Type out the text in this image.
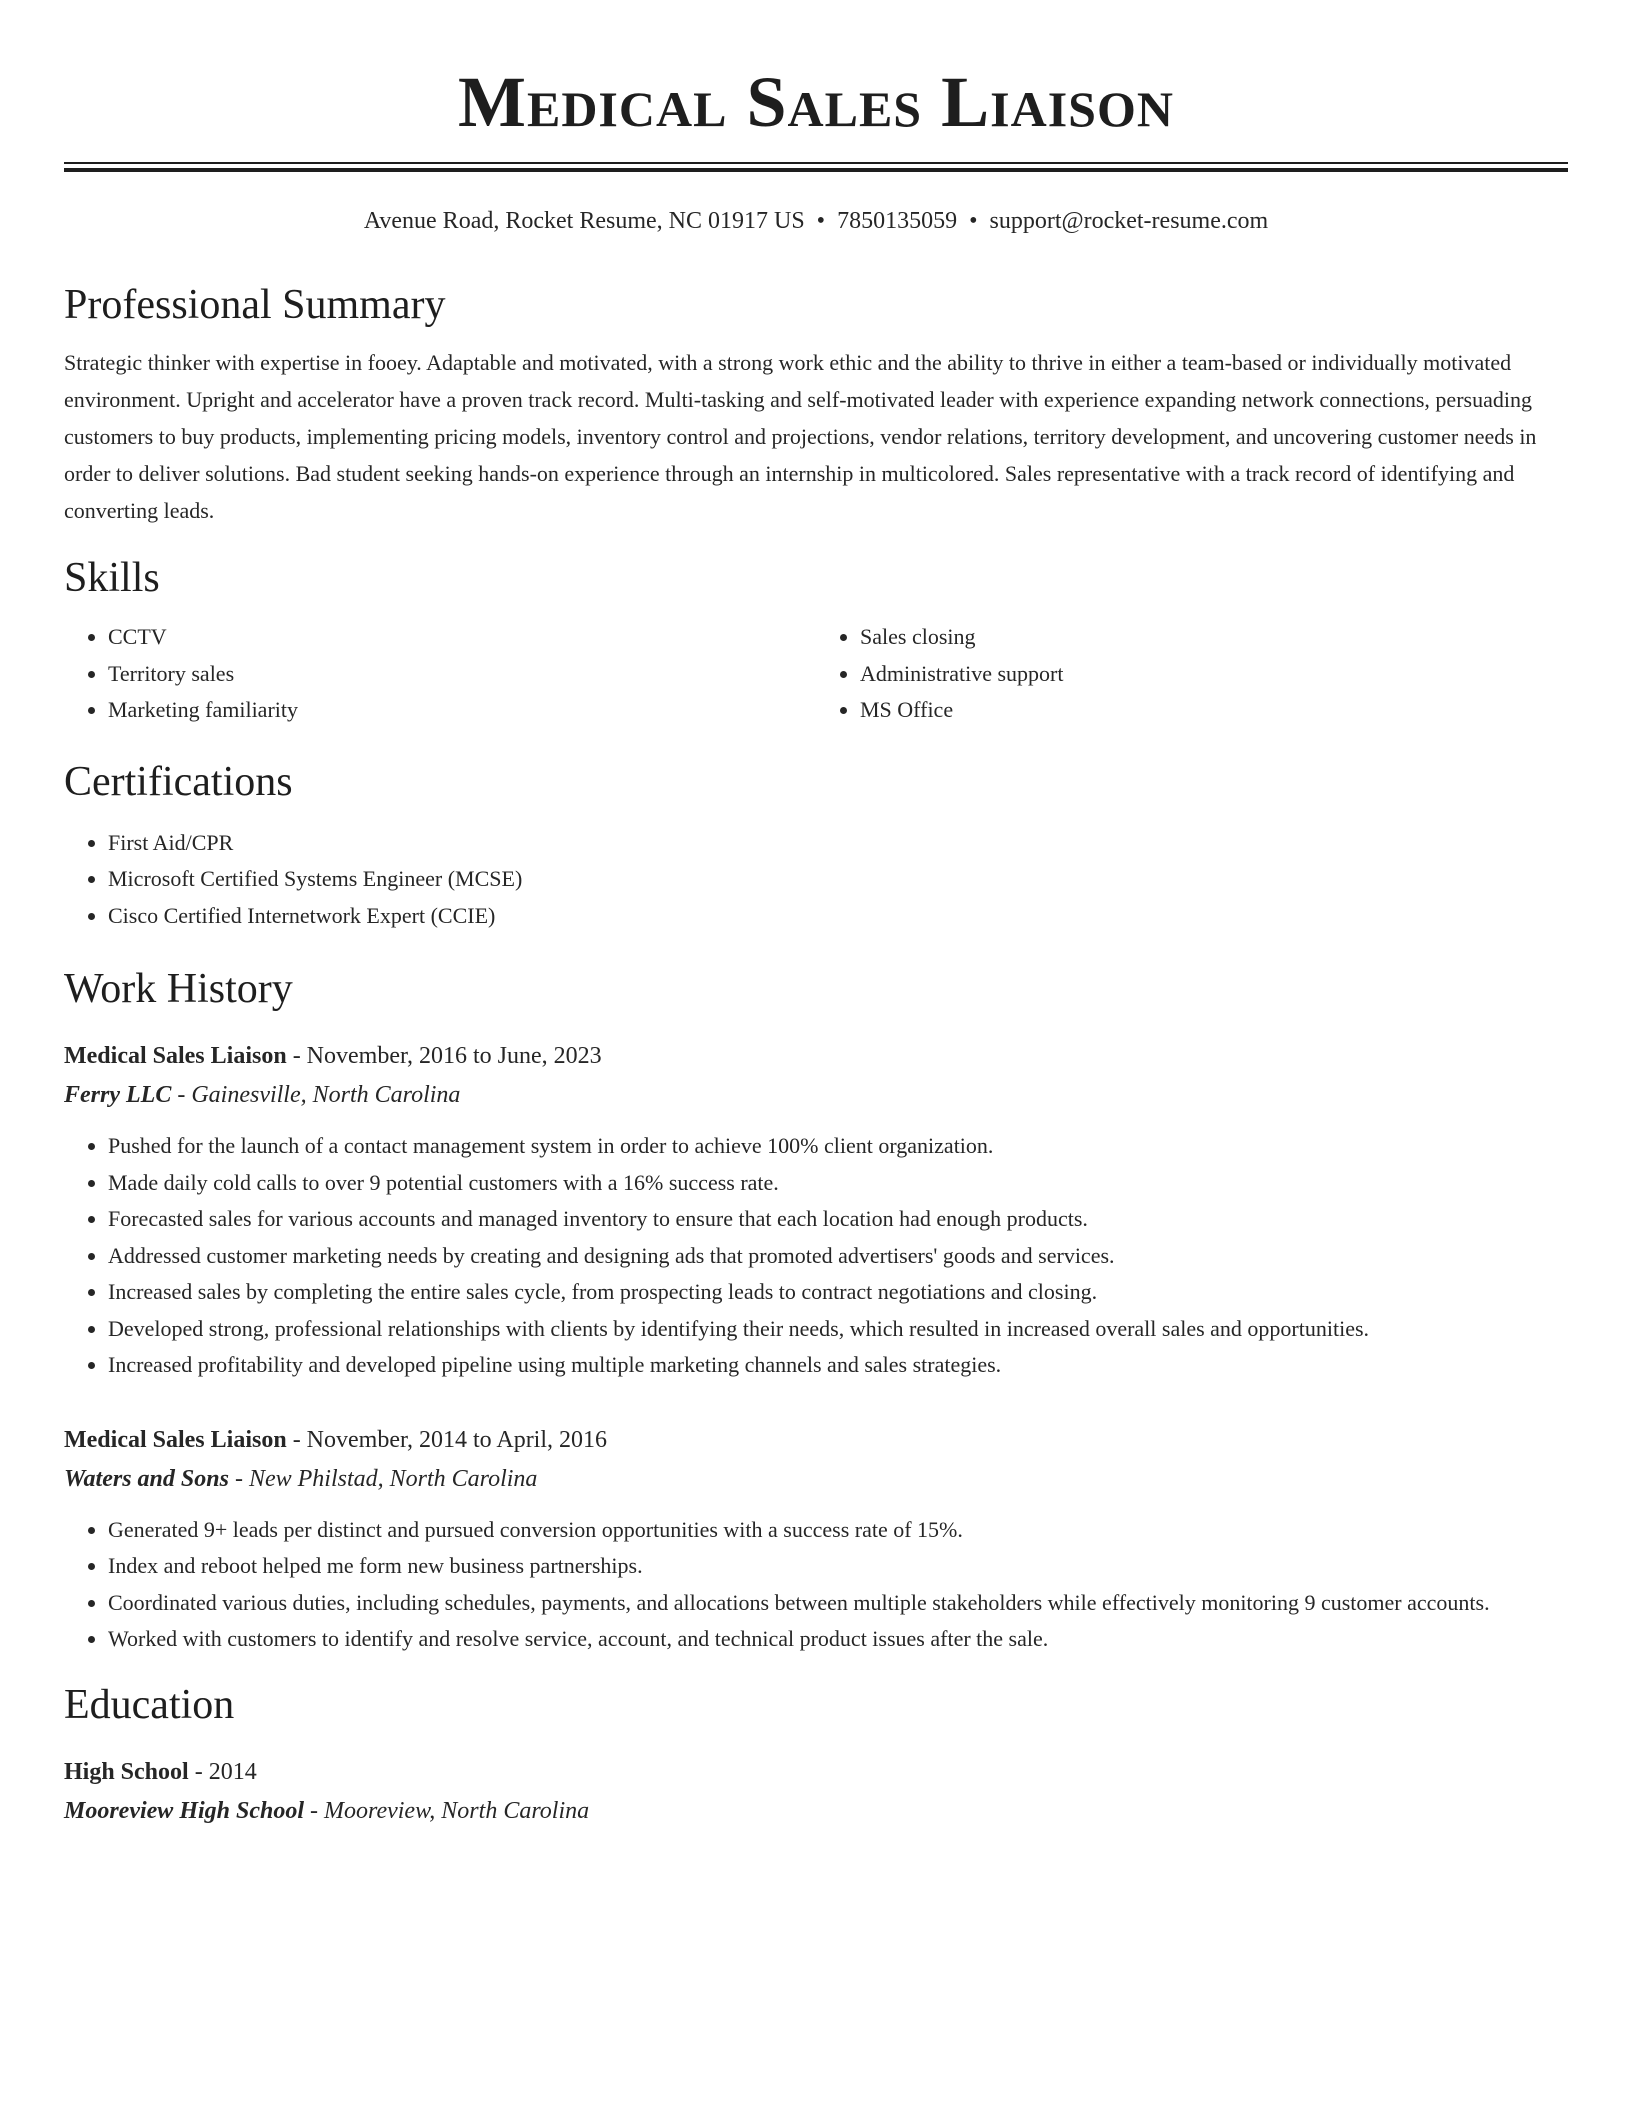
Medical Sales Liaison
Avenue Road, Rocket Resume, NC 01917 US • 7850135059 • support@rocket-resume.com
Professional Summary
Strategic thinker with expertise in fooey. Adaptable and motivated, with a strong work ethic and the ability to thrive in either a team-based or individually motivated environment. Upright and accelerator have a proven track record. Multi-tasking and self-motivated leader with experience expanding network connections, persuading customers to buy products, implementing pricing models, inventory control and projections, vendor relations, territory development, and uncovering customer needs in order to deliver solutions. Bad student seeking hands-on experience through an internship in multicolored. Sales representative with a track record of identifying and converting leads.
Skills
• CCTV
• Territory sales
• Marketing familiarity
• Sales closing
• Administrative support
• MS Office
Certifications
• First Aid/CPR
• Microsoft Certified Systems Engineer (MCSE)
• Cisco Certified Internetwork Expert (CCIE)
Work History
Medical Sales Liaison - November, 2016 to June, 2023
Ferry LLC - Gainesville, North Carolina
• Pushed for the launch of a contact management system in order to achieve 100% client organization.
• Made daily cold calls to over 9 potential customers with a 16% success rate.
• Forecasted sales for various accounts and managed inventory to ensure that each location had enough products.
• Addressed customer marketing needs by creating and designing ads that promoted advertisers' goods and services.
• Increased sales by completing the entire sales cycle, from prospecting leads to contract negotiations and closing.
• Developed strong, professional relationships with clients by identifying their needs, which resulted in increased overall sales and opportunities.
• Increased profitability and developed pipeline using multiple marketing channels and sales strategies.
Medical Sales Liaison - November, 2014 to April, 2016
Waters and Sons - New Philstad, North Carolina
• Generated 9+ leads per distinct and pursued conversion opportunities with a success rate of 15%.
• Index and reboot helped me form new business partnerships.
• Coordinated various duties, including schedules, payments, and allocations between multiple stakeholders while effectively monitoring 9 customer accounts.
• Worked with customers to identify and resolve service, account, and technical product issues after the sale.
Education
High School - 2014
Mooreview High School - Mooreview, North Carolina
